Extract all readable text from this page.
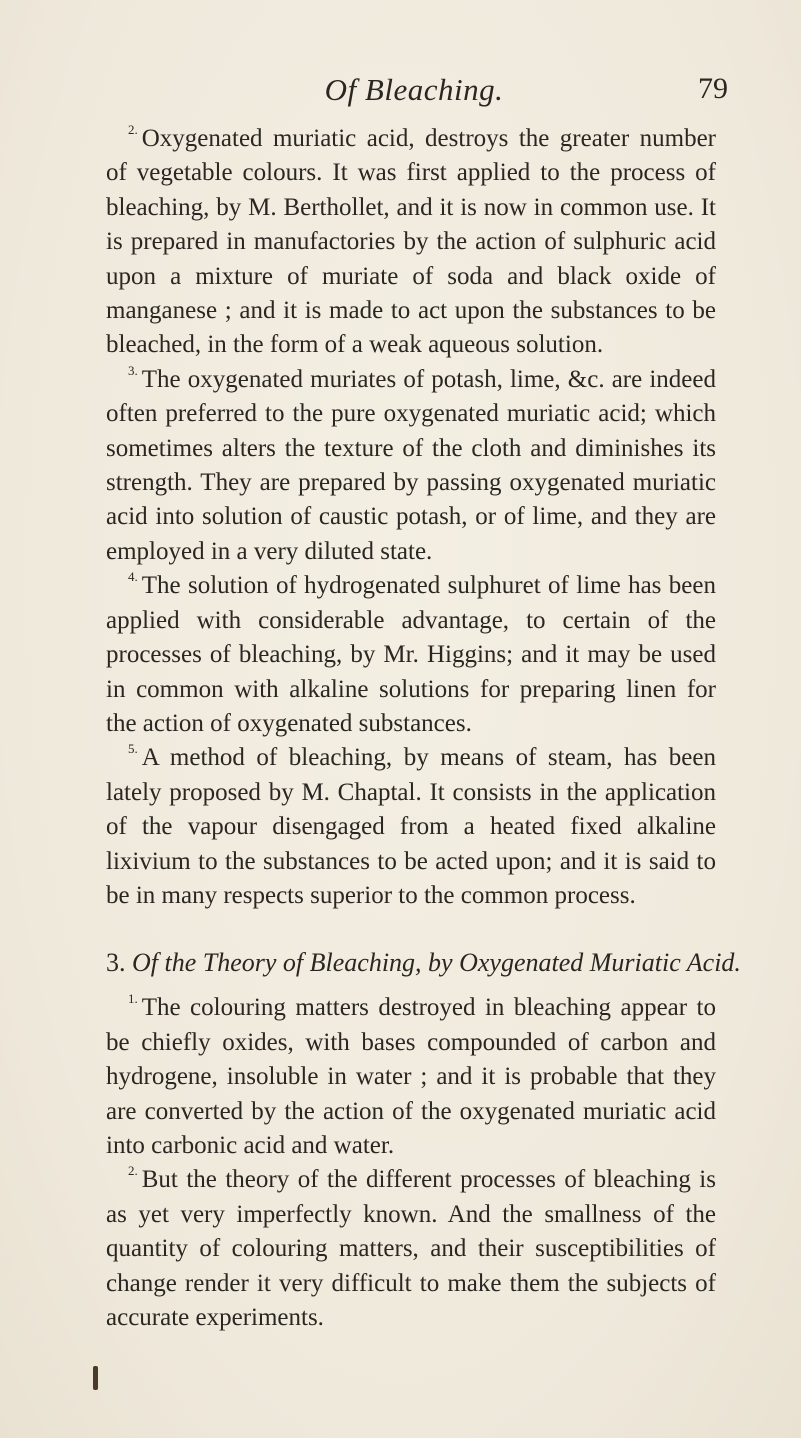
Of Bleaching.	79

$^{2.}$ Oxygenated muriatic acid, destroys the greater number of vegetable colours. It was first applied to the process of bleaching, by M. Berthollet, and it is now in common use. It is prepared in manufactories by the action of sulphuric acid upon a mixture of muriate of soda and black oxide of manganese ; and it is made to act upon the substances to be bleached, in the form of a weak aqueous solution.

$^{3.}$ The oxygenated muriates of potash, lime, &c. are indeed often preferred to the pure oxygenated muriatic acid; which sometimes alters the texture of the cloth and diminishes its strength. They are prepared by passing oxygenated muriatic acid into solution of caustic potash, or of lime, and they are employed in a very diluted state.

$^{4.}$ The solution of hydrogenated sulphuret of lime has been applied with considerable advantage, to certain of the processes of bleaching, by Mr. Higgins; and it may be used in common with alkaline solutions for preparing linen for the action of oxygenated substances.

$^{5.}$ A method of bleaching, by means of steam, has been lately proposed by M. Chaptal. It consists in the application of the vapour disengaged from a heated fixed alkaline lixivium to the substances to be acted upon; and it is said to be in many respects superior to the common process.

3. Of the Theory of Bleaching, by Oxygenated Muriatic Acid.

$^{1.}$ The colouring matters destroyed in bleaching appear to be chiefly oxides, with bases compounded of carbon and hydrogene, insoluble in water ; and it is probable that they are converted by the action of the oxygenated muriatic acid into carbonic acid and water.

$^{2.}$ But the theory of the different processes of bleaching is as yet very imperfectly known. And the smallness of the quantity of colouring matters, and their susceptibilities of change render it very difficult to make them the subjects of accurate experiments.
